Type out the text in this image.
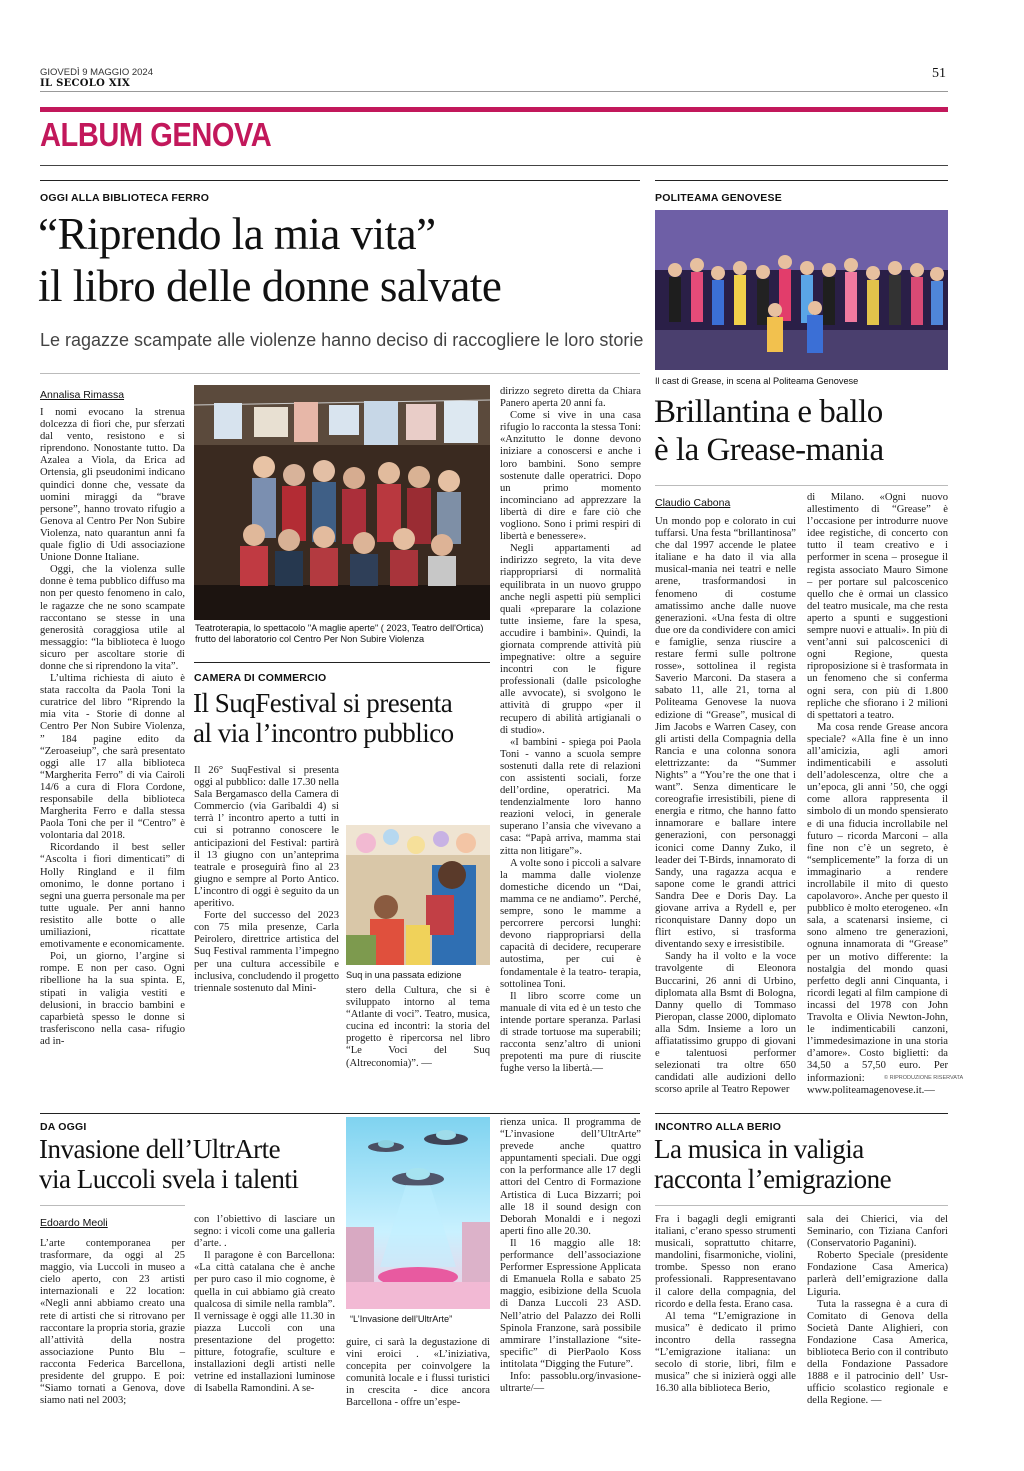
GIOVEDÌ 9 MAGGIO 2024
IL SECOLO XIX
51
ALBUM GENOVA
OGGI ALLA BIBLIOTECA FERRO
“Riprendo la mia vita”
il libro delle donne salvate
Le ragazze scampate alle violenze hanno deciso di raccogliere le loro storie
Annalisa Rimassa

I nomi evocano la strenua dolcezza di fiori che, pur sferzati dal vento, resistono e si riprendono. Nonostante tutto. Da Azalea a Viola, da Erica ad Ortensia, gli pseudonimi indicano quindici donne che, vessate da uomini miraggi da “brave persone”, hanno trovato rifugio a Genova al Centro Per Non Subire Violenza, nato quarantun anni fa quale figlio di Udi associazione Unione Donne Italiane.

Oggi, che la violenza sulle donne è tema pubblico diffuso ma non per questo fenomeno in calo, le ragazze che ne sono scampate raccontano se stesse in una generosità coraggiosa utile al messaggio: “la biblioteca è luogo sicuro per ascoltare storie di donne che si riprendono la vita”.

L’ultima richiesta di aiuto è stata raccolta da Paola Toni la curatrice del libro “Riprendo la mia vita - Storie di donne al Centro Per Non Subire Violenza, ” 184 pagine edito da “Zeroaseiup”, che sarà presentato oggi alle 17 alla biblioteca “Margherita Ferro” di via Cairoli 14/6 a cura di Flora Cordone, responsabile della biblioteca Margherita Ferro e dalla stessa Paola Toni che per il “Centro” è volontaria dal 2018.

Ricordando il best seller “Ascolta i fiori dimenticati” di Holly Ringland e il film omonimo, le donne portano i segni una guerra personale ma per tutte uguale. Per anni hanno resistito alle botte o alle umiliazioni, ricattate emotivamente e economicamente.

Poi, un giorno, l’argine si rompe. E non per caso. Ogni ribellione ha la sua spinta. E, stipati in valigia vestiti e delusioni, in braccio bambini e caparbietà spesso le donne si trasferiscono nella casa- rifugio ad in-

Teatroterapia, lo spettacolo "A maglie aperte" ( 2023, Teatro dell'Ortica) frutto del laboratorio col Centro Per Non Subire Violenza

dirizzo segreto diretta da Chiara Panero aperta 20 anni fa.

Come si vive in una casa rifugio lo racconta la stessa Toni: «Anzitutto le donne devono iniziare a conoscersi e anche i loro bambini. Sono sempre sostenute dalle operatrici. Dopo un primo momento incominciano ad apprezzare la libertà di dire e fare ciò che vogliono. Sono i primi respiri di libertà e benessere».

Negli appartamenti ad indirizzo segreto, la vita deve riappropriarsi di normalità equilibrata in un nuovo gruppo anche negli aspetti più semplici quali «preparare la colazione tutte insieme, fare la spesa, accudire i bambini». Quindi, la giornata comprende attività più impegnative: oltre a seguire incontri con le figure professionali (dalle psicologhe alle avvocate), si svolgono le attività di gruppo «per il recupero di abilità artigianali o di studio».

«I bambini - spiega poi Paola Toni - vanno a scuola sempre sostenuti dalla rete di relazioni con assistenti sociali, forze dell’ordine, operatrici. Ma tendenzialmente loro hanno reazioni veloci, in generale superano l’ansia che vivevano a casa: “Papà arriva, mamma stai zitta non litigare”».

A volte sono i piccoli a salvare la mamma dalle violenze domestiche dicendo un “Dai, mamma ce ne andiamo”. Perché, sempre, sono le mamme a percorrere percorsi lunghi: devono riappropriarsi della capacità di decidere, recuperare autostima, per cui è fondamentale è la teatro- terapia, sottolinea Toni.

Il libro scorre come un manuale di vita ed è un testo che intende portare speranza. Parlasi di strade tortuose ma superabili; racconta senz’altro di unioni prepotenti ma pure di riuscite fughe verso la libertà.—

CAMERA DI COMMERCIO
Il SuqFestival si presenta
al via l’incontro pubblico

Il 26° SuqFestival si presenta oggi al pubblico: dalle 17.30 nella Sala Bergamasco della Camera di Commercio (via Garibaldi 4) si terrà l’ incontro aperto a tutti in cui si potranno conoscere le anticipazioni del Festival: partirà il 13 giugno con un’anteprima teatrale e proseguirà fino al 23 giugno e sempre al Porto Antico. L’incontro di oggi è seguito da un aperitivo.

Forte del successo del 2023 con 75 mila presenze, Carla Peirolero, direttrice artistica del Suq Festival rammenta l’impegno per una cultura accessibile e inclusiva, concludendo il progetto triennale sostenuto dal Mini-

Suq in una passata edizione
stero della Cultura, che si è sviluppato intorno al tema “Atlante di voci”. Teatro, musica, cucina ed incontri: la storia del progetto è ripercorsa nel libro “Le Voci del Suq (Altreconomia)”. —
POLITEAMA GENOVESE
Il cast di Grease, in scena al Politeama Genovese
Brillantina e ballo
è la Grease-mania
Claudio Cabona

Un mondo pop e colorato in cui tuffarsi. Una festa “brillantinosa” che dal 1997 accende le platee italiane e ha dato il via alla musical-mania nei teatri e nelle arene, trasformandosi in fenomeno di costume amatissimo anche dalle nuove generazioni. «Una festa di oltre due ore da condividere con amici e famiglie, senza riuscire a restare fermi sulle poltrone rosse», sottolinea il regista Saverio Marconi. Da stasera a sabato 11, alle 21, torna al Politeama Genovese la nuova edizione di “Grease”, musical di Jim Jacobs e Warren Casey, con gli artisti della Compagnia della Rancia e una colonna sonora elettrizzante: da “Summer Nights” a “You’re the one that i want”. Senza dimenticare le coreografie irresistibili, piene di energia e ritmo, che hanno fatto innamorare e ballare intere generazioni, con personaggi iconici come Danny Zuko, il leader dei T-Birds, innamorato di Sandy, una ragazza acqua e sapone come le grandi attrici Sandra Dee e Doris Day. La giovane arriva a Rydell e, per riconquistare Danny dopo un flirt estivo, si trasforma diventando sexy e irresistibile.

Sandy ha il volto e la voce travolgente di Eleonora Buccarini, 26 anni di Urbino, diplomata alla Bsmt di Bologna, Danny quello di Tommaso Pieropan, classe 2000, diplomato alla Sdm. Insieme a loro un affiatatissimo gruppo di giovani e talentuosi performer selezionati tra oltre 650 candidati alle audizioni dello scorso aprile al Teatro Repower

di Milano. «Ogni nuovo allestimento di “Grease” è l’occasione per introdurre nuove idee registiche, di concerto con tutto il team creativo e i performer in scena – prosegue il regista associato Mauro Simone – per portare sul palcoscenico quello che è ormai un classico del teatro musicale, ma che resta aperto a spunti e suggestioni sempre nuovi e attuali». In più di vent’anni sui palcoscenici di ogni Regione, questa riproposizione si è trasformata in un fenomeno che si conferma ogni sera, con più di 1.800 repliche che sfiorano i 2 milioni di spettatori a teatro.

Ma cosa rende Grease ancora speciale? «Alla fine è un inno all’amicizia, agli amori indimenticabili e assoluti dell’adolescenza, oltre che a un’epoca, gli anni ’50, che oggi come allora rappresenta il simbolo di un mondo spensierato e di una fiducia incrollabile nel futuro – ricorda Marconi – alla fine non c’è un segreto, è “semplicemente” la forza di un immaginario a rendere incrollabile il mito di questo capolavoro». Anche per questo il pubblico è molto eterogeneo. «In sala, a scatenarsi insieme, ci sono almeno tre generazioni, ognuna innamorata di “Grease” per un motivo differente: la nostalgia del mondo quasi perfetto degli anni Cinquanta, i ricordi legati al film campione di incassi del 1978 con John Travolta e Olivia Newton-John, le indimenticabili canzoni, l’immedesimazione in una storia d’amore». Costo biglietti: da 34,50 a 57,50 euro. Per informazioni: www.politeamagenovese.it.—

© RIPRODUZIONE RISERVATA
DA OGGI
Invasione dell’UltrArte
via Luccoli svela i talenti
Edoardo Meoli
L’arte contemporanea per trasformare, da oggi al 25 maggio, via Luccoli in museo a cielo aperto, con 23 artisti internazionali e 22 location: «Negli anni abbiamo creato una rete di artisti che si ritrovano per raccontare la propria storia, grazie all’attività della nostra associazione Punto Blu – racconta Federica Barcellona, presidente del gruppo. E poi: “Siamo tornati a Genova, dove siamo nati nel 2003;

con l’obiettivo di lasciare un segno: i vicoli come una galleria d’arte. .

Il paragone è con Barcellona: «La città catalana che è anche per puro caso il mio cognome, è quella in cui abbiamo già creato qualcosa di simile nella rambla”. Il vernissage è oggi alle 11.30 in piazza Luccoli con una presentazione del progetto: pitture, fotografie, sculture e installazioni degli artisti nelle vetrine ed installazioni luminose di Isabella Ramondini. A se-

“L’Invasione dell’UltrArte”
guire, ci sarà la degustazione di vini eroici . «L’iniziativa, concepita per coinvolgere la comunità locale e i flussi turistici in crescita - dice ancora Barcellona - offre un’espe-

rienza unica. Il programma de “L’invasione dell’UltrArte” prevede anche quattro appuntamenti speciali. Due oggi con la performance alle 17 degli attori del Centro di Formazione Artistica di Luca Bizzarri; poi alle 18 il sound design con Deborah Monaldi e i negozi aperti fino alle 20.30.

Il 16 maggio alle 18: performance dell’associazione Performer Espressione Applicata di Emanuela Rolla e sabato 25 maggio, esibizione della Scuola di Danza Luccoli 23 ASD. Nell’atrio del Palazzo dei Rolli Spinola Franzone, sarà possibile ammirare l’installazione “site-specific” di PierPaolo Koss intitolata “Digging the Future”.

Info: passoblu.org/invasione-ultrarte/—

INCONTRO ALLA BERIO
La musica in valigia
racconta l’emigrazione

Fra i bagagli degli emigranti italiani, c’erano spesso strumenti musicali, soprattutto chitarre, mandolini, fisarmoniche, violini, trombe. Spesso non erano professionali. Rappresentavano il calore della compagnia, del ricordo e della festa. Erano casa.

Al tema “L’emigrazione in musica” è dedicato il primo incontro della rassegna “L’emigrazione italiana: un secolo di storie, libri, film e musica” che si inizierà oggi alle 16.30 alla biblioteca Berio,

sala dei Chierici, via del Seminario, con Tiziana Canfori (Conservatorio Paganini).

Roberto Speciale (presidente Fondazione Casa America) parlerà dell’emigrazione dalla Liguria.

Tuta la rassegna è a cura di Comitato di Genova della Società Dante Alighieri, con Fondazione Casa America, biblioteca Berio con il contributo della Fondazione Passadore 1888 e il patrocinio dell’ Usr-ufficio scolastico regionale e della Regione. —
